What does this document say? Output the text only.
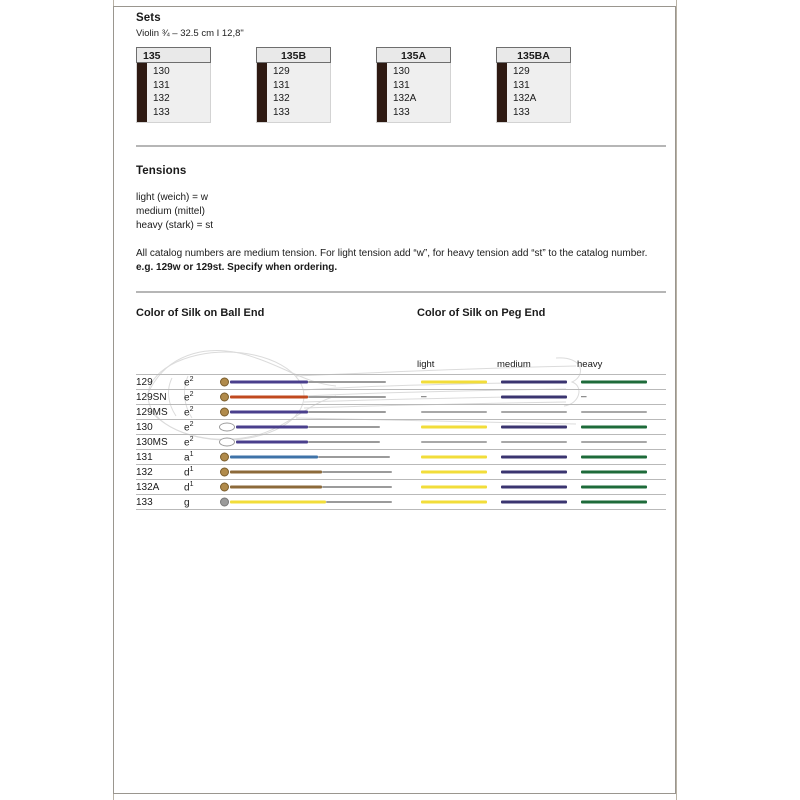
Sets

Violin ¾ – 32.5 cm I 12,8"

135
130
131
132
133
135B
129
131
132
133
135A
130
131
132A
133
135BA
129
131
132A
133
Tensions
light (weich) = w
medium (mittel)
heavy (stark) = st
All catalog numbers are medium tension. For light tension add “w”, for heavy tension add “st” to the catalog number. e.g. 129w or 129st. Specify when ordering.
Color of Silk on Ball End	Color of Silk on Peg End
light	medium	heavy
129	$e^2$	

129SN	$e^2$		–		–

129MS	$e^2$	

130	$e^2$	

130MS	$e^2$	

131	$a^1$	

132	$d^1$	

132A	$d^1$	

133	g	
